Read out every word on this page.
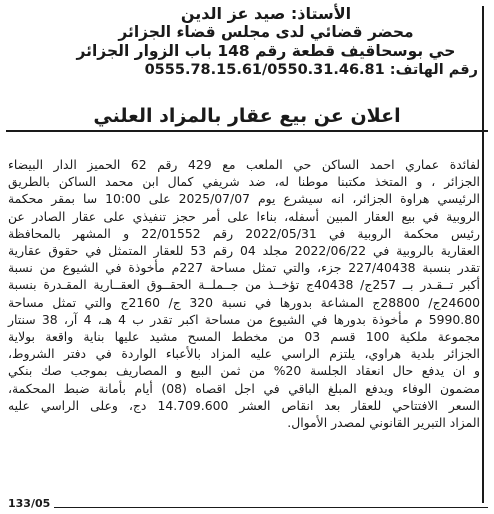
الأستاذ: صيد عز الدين
محضر قضائي لدى مجلس قضاء الجزائر
حي بوسحاقيف قطعة رقم 148 باب الزوار الجزائر
رقم الهاتف: 0555.78.15.61/0550.31.46.81
اعلان عن بيع عقار بالمزاد العلني
لفائدة عماري احمد الساكن حي الملعب مع 429 رقم 62 الحميز الدار البيضاء
الجزائر ، و المتخذ مكتبنا موطنا له، ضد شريفي كمال ابن محمد الساكن بالطريق
الرئيسي هراوة الجزائر، انه سيشرع يوم 2025/07/07 على 10:00 سا بمقر محكمة
الروبية في بيع العقار المبين أسفله، بناءا على أمر حجز تنفيذي على عقار الصادر عن
رئيس محكمة الروبية في 2022/05/31 رقم 22/01552 و المشهر بالمحافظة
العقارية بالروبية في 2022/06/22 مجلد 04 رقم 53 للعقار المتمثل في حقوق عقارية
تقدر بنسبة 227/40438 جزء، والتي تمثل مساحة 227م مأخوذة في الشيوع من نسبة
أكبر تــقـدر بــ 257ج/ 40438ج تؤخــذ من جــملــة الحقــوق العقــارية المقـدرة بنسبة
24600ج/ 28800ج المشاعة بدورها في نسبة 320 ج/ 2160ج والتي تمثل مساحة
5990.80 م مأخوذة بدورها في الشيوع من مساحة اكبر تقدر ب 4 هـ، 4 آر، 38 سنتار
مجموعة ملكية 100 قسم 03 من مخطط المسح مشيد عليها بناية واقعة بولاية
الجزائر بلدية هراوي، يلتزم الراسي عليه المزاد بالأعباء الواردة في دفتر الشروط،
و ان يدفع حال انعقاد الجلسة 20% من ثمن البيع و المصاريف بموجب صك بنكي
مضمون الوفاء ويدفع المبلغ الباقي في اجل اقصاه (08) أيام بأمانة ضبط المحكمة،
السعر الافتتاحي للعقار بعد انقاص العشر 14.709.600 دج، وعلى الراسي عليه
المزاد التبرير القانوني لمصدر الأموال.
133/05
